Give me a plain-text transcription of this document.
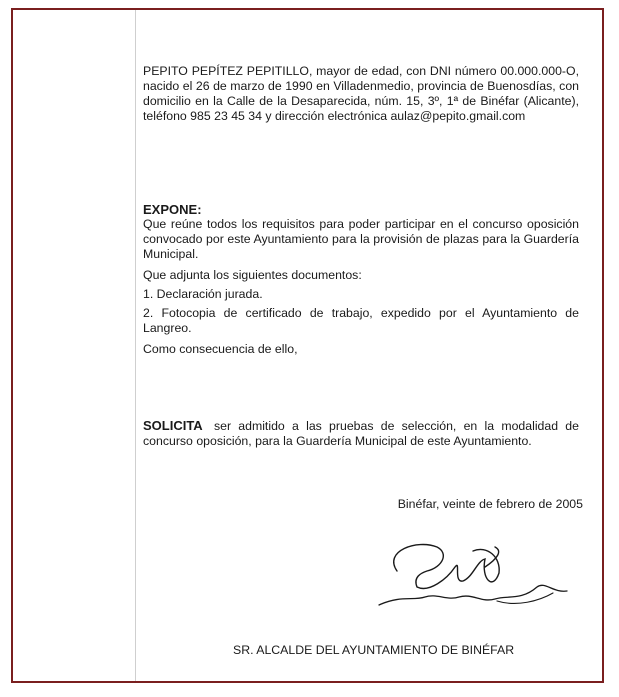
PEPITO PEPÍTEZ PEPITILLO, mayor de edad, con DNI número 00.000.000-O, nacido el 26 de marzo de 1990 en Villadenmedio, provincia de Buenosdías, con domicilio en la Calle de la Desaparecida, núm. 15, 3º, 1ª de Binéfar (Alicante), teléfono 985 23 45 34 y dirección electrónica aulaz@pepito.gmail.com

EXPONE:

Que reúne todos los requisitos para poder participar en el concurso oposición convocado por este Ayuntamiento para la provisión de plazas para la Guardería Municipal.

Que adjunta los siguientes documentos:

1. Declaración jurada.

2. Fotocopia de certificado de trabajo, expedido por el Ayuntamiento de Langreo.

Como consecuencia de ello,

SOLICITA ser admitido a las pruebas de selección, en la modalidad de concurso oposición, para la Guardería Municipal de este Ayuntamiento.

Binéfar, veinte de febrero de 2005
SR. ALCALDE DEL AYUNTAMIENTO DE BINÉFAR
